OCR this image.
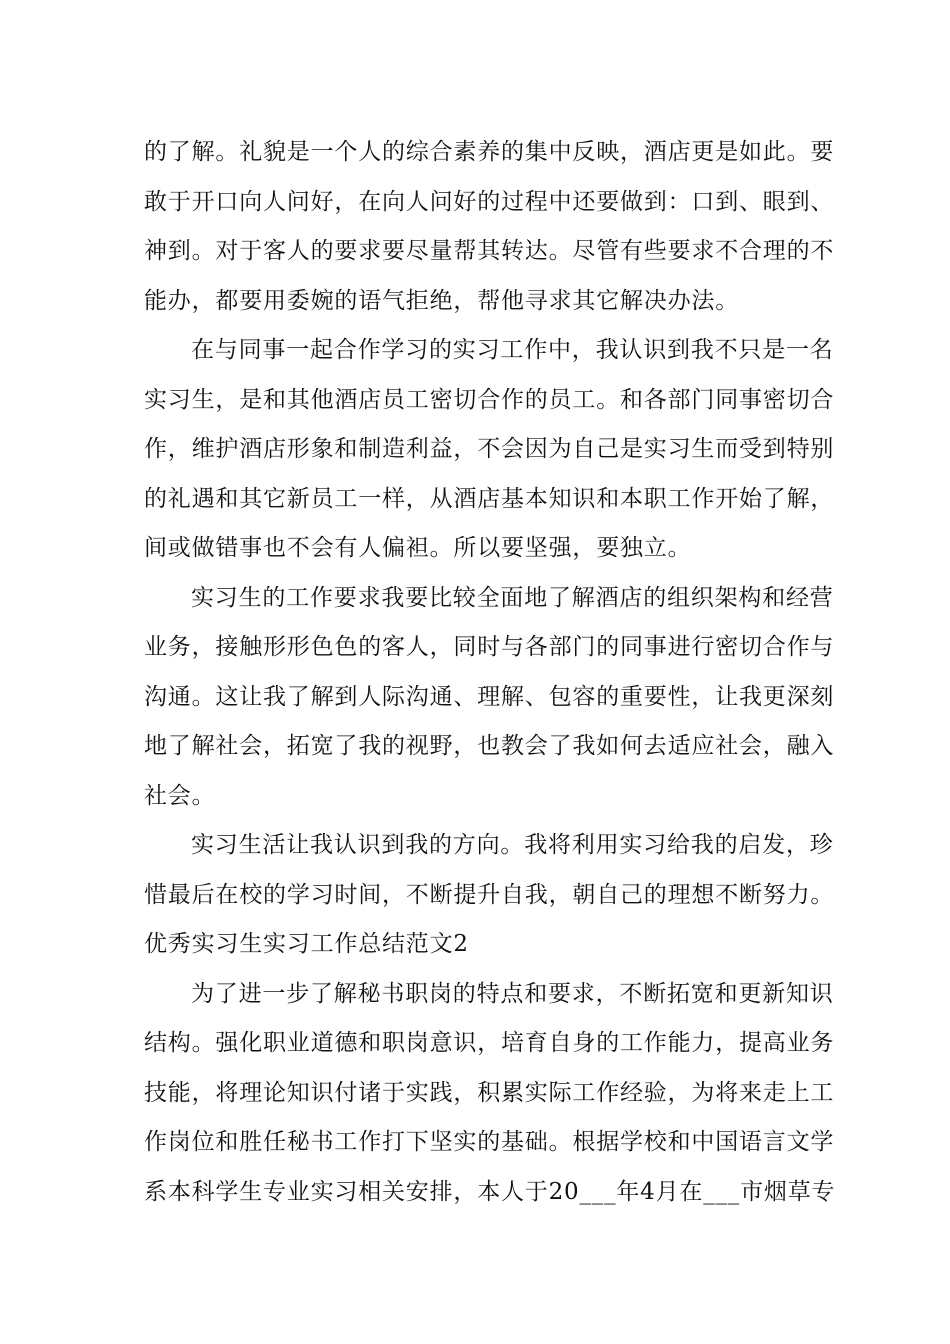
的了解。礼貌是一个人的综合素养的集中反映，酒店更是如此。要
敢于开口向人问好，在向人问好的过程中还要做到：口到、眼到、
神到。对于客人的要求要尽量帮其转达。尽管有些要求不合理的不
能办，都要用委婉的语气拒绝，帮他寻求其它解决办法。

在与同事一起合作学习的实习工作中，我认识到我不只是一名
实习生，是和其他酒店员工密切合作的员工。和各部门同事密切合
作，维护酒店形象和制造利益，不会因为自己是实习生而受到特别
的礼遇和其它新员工一样，从酒店基本知识和本职工作开始了解，
间或做错事也不会有人偏袒。所以要坚强，要独立。

实习生的工作要求我要比较全面地了解酒店的组织架构和经营
业务，接触形形色色的客人，同时与各部门的同事进行密切合作与
沟通。这让我了解到人际沟通、理解、包容的重要性，让我更深刻
地了解社会，拓宽了我的视野，也教会了我如何去适应社会，融入
社会。

实习生活让我认识到我的方向。我将利用实习给我的启发，珍
惜最后在校的学习时间，不断提升自我，朝自己的理想不断努力。

优秀实习生实习工作总结范文2

为了进一步了解秘书职岗的特点和要求，不断拓宽和更新知识
结构。强化职业道德和职岗意识，培育自身的工作能力，提高业务
技能，将理论知识付诸于实践，积累实际工作经验，为将来走上工
作岗位和胜任秘书工作打下坚实的基础。根据学校和中国语言文学
系本科学生专业实习相关安排，本人于20___年4月在___市烟草专
